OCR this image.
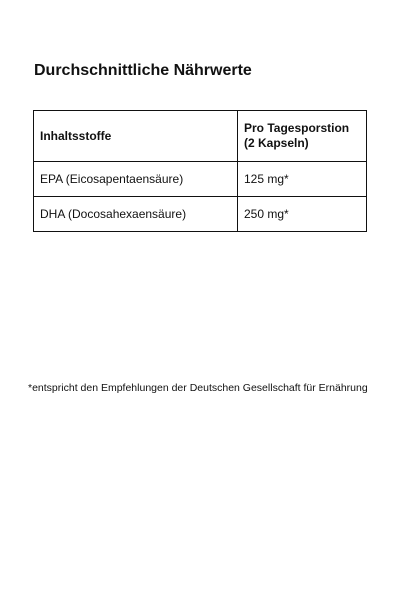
Durchschnittliche Nährwerte
Inhaltsstoffe	Pro Tagesporstion
(2 Kapseln)
EPA (Eicosapentaensäure)	125 mg*
DHA (Docosahexaensäure)	250 mg*
*entspricht den Empfehlungen der Deutschen Gesellschaft für Ernährung
